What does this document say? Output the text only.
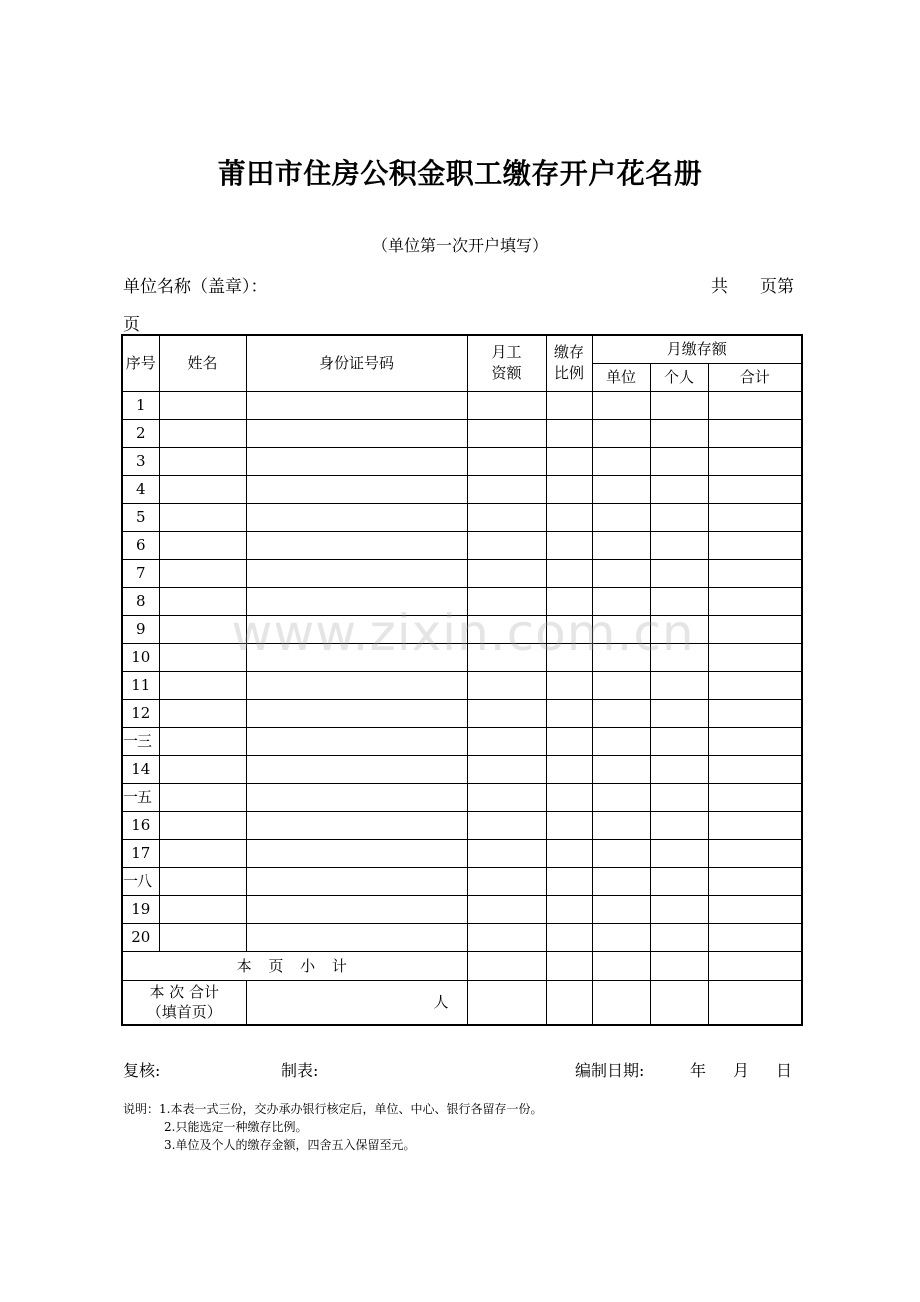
莆田市住房公积金职工缴存开户花名册
（单位第一次开户填写）
单位名称（盖章）：	共 页第
页
序号	姓名	身份证号码	月工资额	缴存比例	月缴存额		
					单位	个人	合计
1							
2							
3							
4							
5							
6							
7							
8							
9							
10							
11							
12							
一三							
14							
一五							
16							
17							
一八							
19							
20							
本 页 小 计							

本 次 合计
（填首页）		人					
www.zixin.com.cn
复核:	制表:	编制日期:	年 月 日
说明：1.本表一式三份，交办承办银行核定后，单位、中心、银行各留存一份。
2.只能选定一种缴存比例。
3.单位及个人的缴存金额，四舍五入保留至元。
